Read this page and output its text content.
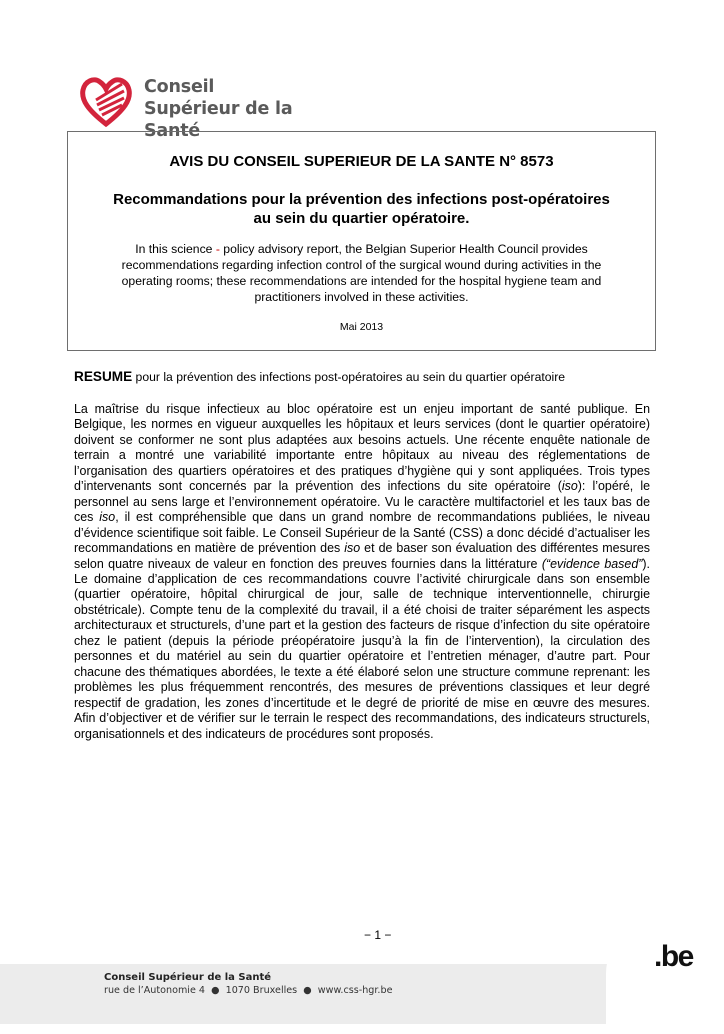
Conseil
Supérieur de la Santé
AVIS DU CONSEIL SUPERIEUR DE LA SANTE N° 8573
Recommandations pour la prévention des infections post-opératoires
au sein du quartier opératoire.

In this science - policy advisory report, the Belgian Superior Health Council provides recommendations regarding infection control of the surgical wound during activities in the operating rooms; these recommendations are intended for the hospital hygiene team and practitioners involved in these activities.

Mai 2013
RESUME pour la prévention des infections post-opératoires au sein du quartier opératoire

La maîtrise du risque infectieux au bloc opératoire est un enjeu important de santé publique. En Belgique, les normes en vigueur auxquelles les hôpitaux et leurs services (dont le quartier opératoire) doivent se conformer ne sont plus adaptées aux besoins actuels. Une récente enquête nationale de terrain a montré une variabilité importante entre hôpitaux au niveau des réglementations de l’organisation des quartiers opératoires et des pratiques d’hygiène qui y sont appliquées. Trois types d’intervenants sont concernés par la prévention des infections du site opératoire (iso): l’opéré, le personnel au sens large et l’environnement opératoire. Vu le caractère multifactoriel et les taux bas de ces iso, il est compréhensible que dans un grand nombre de recommandations publiées, le niveau d’évidence scientifique soit faible. Le Conseil Supérieur de la Santé (CSS) a donc décidé d’actualiser les recommandations en matière de prévention des iso et de baser son évaluation des différentes mesures selon quatre niveaux de valeur en fonction des preuves fournies dans la littérature (“evidence based”). Le domaine d’application de ces recommandations couvre l’activité chirurgicale dans son ensemble (quartier opératoire, hôpital chirurgical de jour, salle de technique interventionnelle, chirurgie obstétricale). Compte tenu de la complexité du travail, il a été choisi de traiter séparément les aspects architecturaux et structurels, d’une part et la gestion des facteurs de risque d’infection du site opératoire chez le patient (depuis la période préopératoire jusqu’à la fin de l’intervention), la circulation des personnes et du matériel au sein du quartier opératoire et l’entretien ménager, d’autre part. Pour chacune des thématiques abordées, le texte a été élaboré selon une structure commune reprenant: les problèmes les plus fréquemment rencontrés, des mesures de préventions classiques et leur degré respectif de gradation, les zones d’incertitude et le degré de priorité de mise en œuvre des mesures. Afin d’objectiver et de vérifier sur le terrain le respect des recommandations, des indicateurs structurels, organisationnels et des indicateurs de procédures sont proposés.

− 1 −
Conseil Supérieur de la Santé
rue de l’Autonomie 4  ●  1070 Bruxelles  ●  www.css-hgr.be
.be
